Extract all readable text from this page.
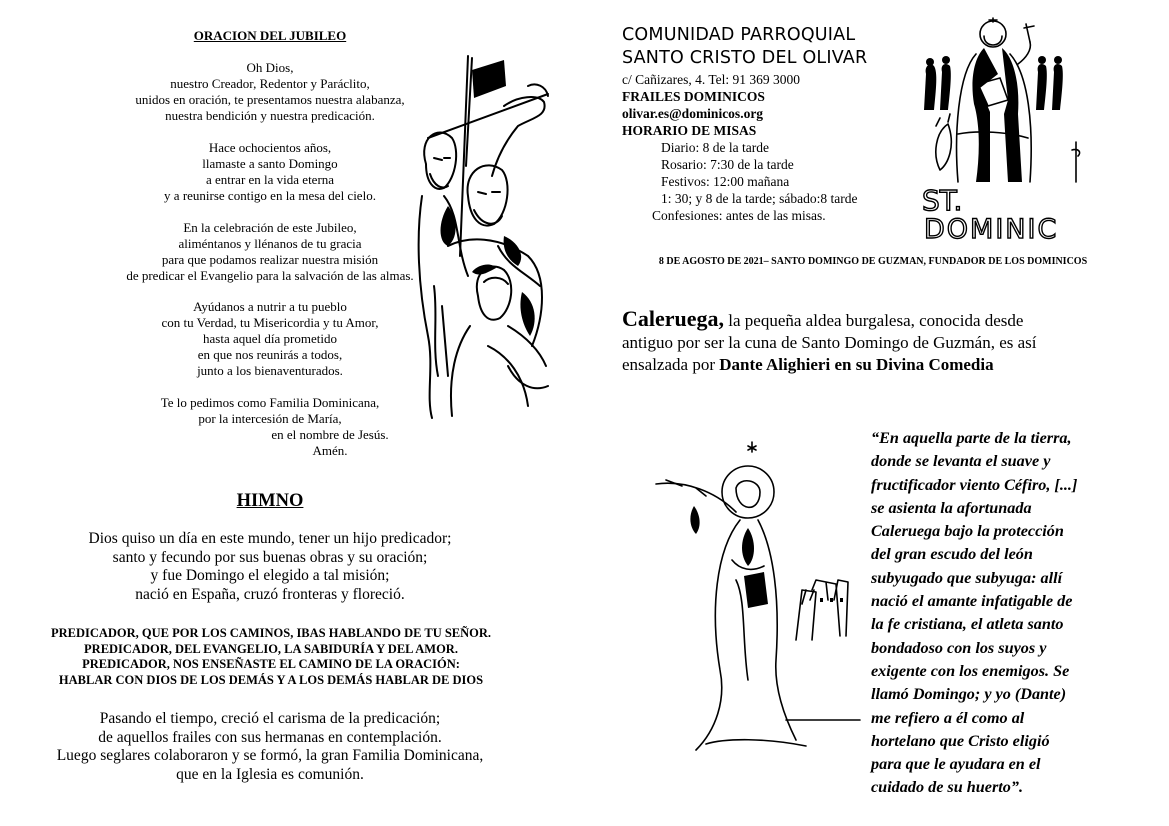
ORACION DEL JUBILEO
Oh Dios,
nuestro Creador, Redentor y Paráclito,
unidos en oración, te presentamos nuestra alabanza,
nuestra bendición y nuestra predicación.
Hace ochocientos años,
llamaste a santo Domingo
a entrar en la vida eterna
y a reunirse contigo en la mesa del cielo.
En la celebración de este Jubileo,
aliméntanos y llénanos de tu gracia
para que podamos realizar nuestra misión
de predicar el Evangelio para la salvación de las almas.
Ayúdanos a nutrir a tu pueblo
con tu Verdad, tu Misericordia y tu Amor,
hasta aquel día prometido
en que nos reunirás a todos,
junto a los bienaventurados.
Te lo pedimos como Familia Dominicana,
por la intercesión de María,
en el nombre de Jesús.
Amén.
HIMNO
Dios quiso un día en este mundo, tener un hijo predicador;
santo y fecundo por sus buenas obras y su oración;
y fue Domingo el elegido a tal misión;
nació en España, cruzó fronteras y floreció.
PREDICADOR, QUE POR LOS CAMINOS, IBAS HABLANDO DE TU SEÑOR.
PREDICADOR, DEL EVANGELIO, LA SABIDURÍA Y DEL AMOR.
PREDICADOR, NOS ENSEÑASTE EL CAMINO DE LA ORACIÓN:
HABLAR CON DIOS DE LOS DEMÁS Y A LOS DEMÁS HABLAR DE DIOS
Pasando el tiempo, creció el carisma de la predicación;
de aquellos frailes con sus hermanas en contemplación.
Luego seglares colaboraron y se formó, la gran Familia Dominicana,
que en la Iglesia es comunión.
COMUNIDAD PARROQUIAL
SANTO CRISTO DEL OLIVAR
c/ Cañizares, 4. Tel: 91 369 3000
FRAILES DOMINICOS
olivar.es@dominicos.org
HORARIO DE MISAS
Diario: 8 de la tarde
Rosario: 7:30 de la tarde
Festivos: 12:00 mañana
1: 30; y 8 de la tarde; sábado:8 tarde
Confesiones: antes de las misas.	ST.
DOMINIC
8 DE AGOSTO DE 2021– SANTO DOMINGO DE GUZMAN, FUNDADOR DE LOS DOMINICOS
Caleruega, la pequeña aldea burgalesa, conocida desde
antiguo por ser la cuna de Santo Domingo de Guzmán, es así
ensalzada por Dante Alighieri en su Divina Comedia
“En aquella parte de la tierra,
donde se levanta el suave y
fructificador viento Céfiro, [...]
se asienta la afortunada
Caleruega bajo la protección
del gran escudo del león
subyugado que subyuga: allí
nació el amante infatigable de
la fe cristiana, el atleta santo
bondadoso con los suyos y
exigente con los enemigos. Se
llamó Domingo; y yo (Dante)
me refiero a él como al
hortelano que Cristo eligió
para que le ayudara en el
cuidado de su huerto”.
